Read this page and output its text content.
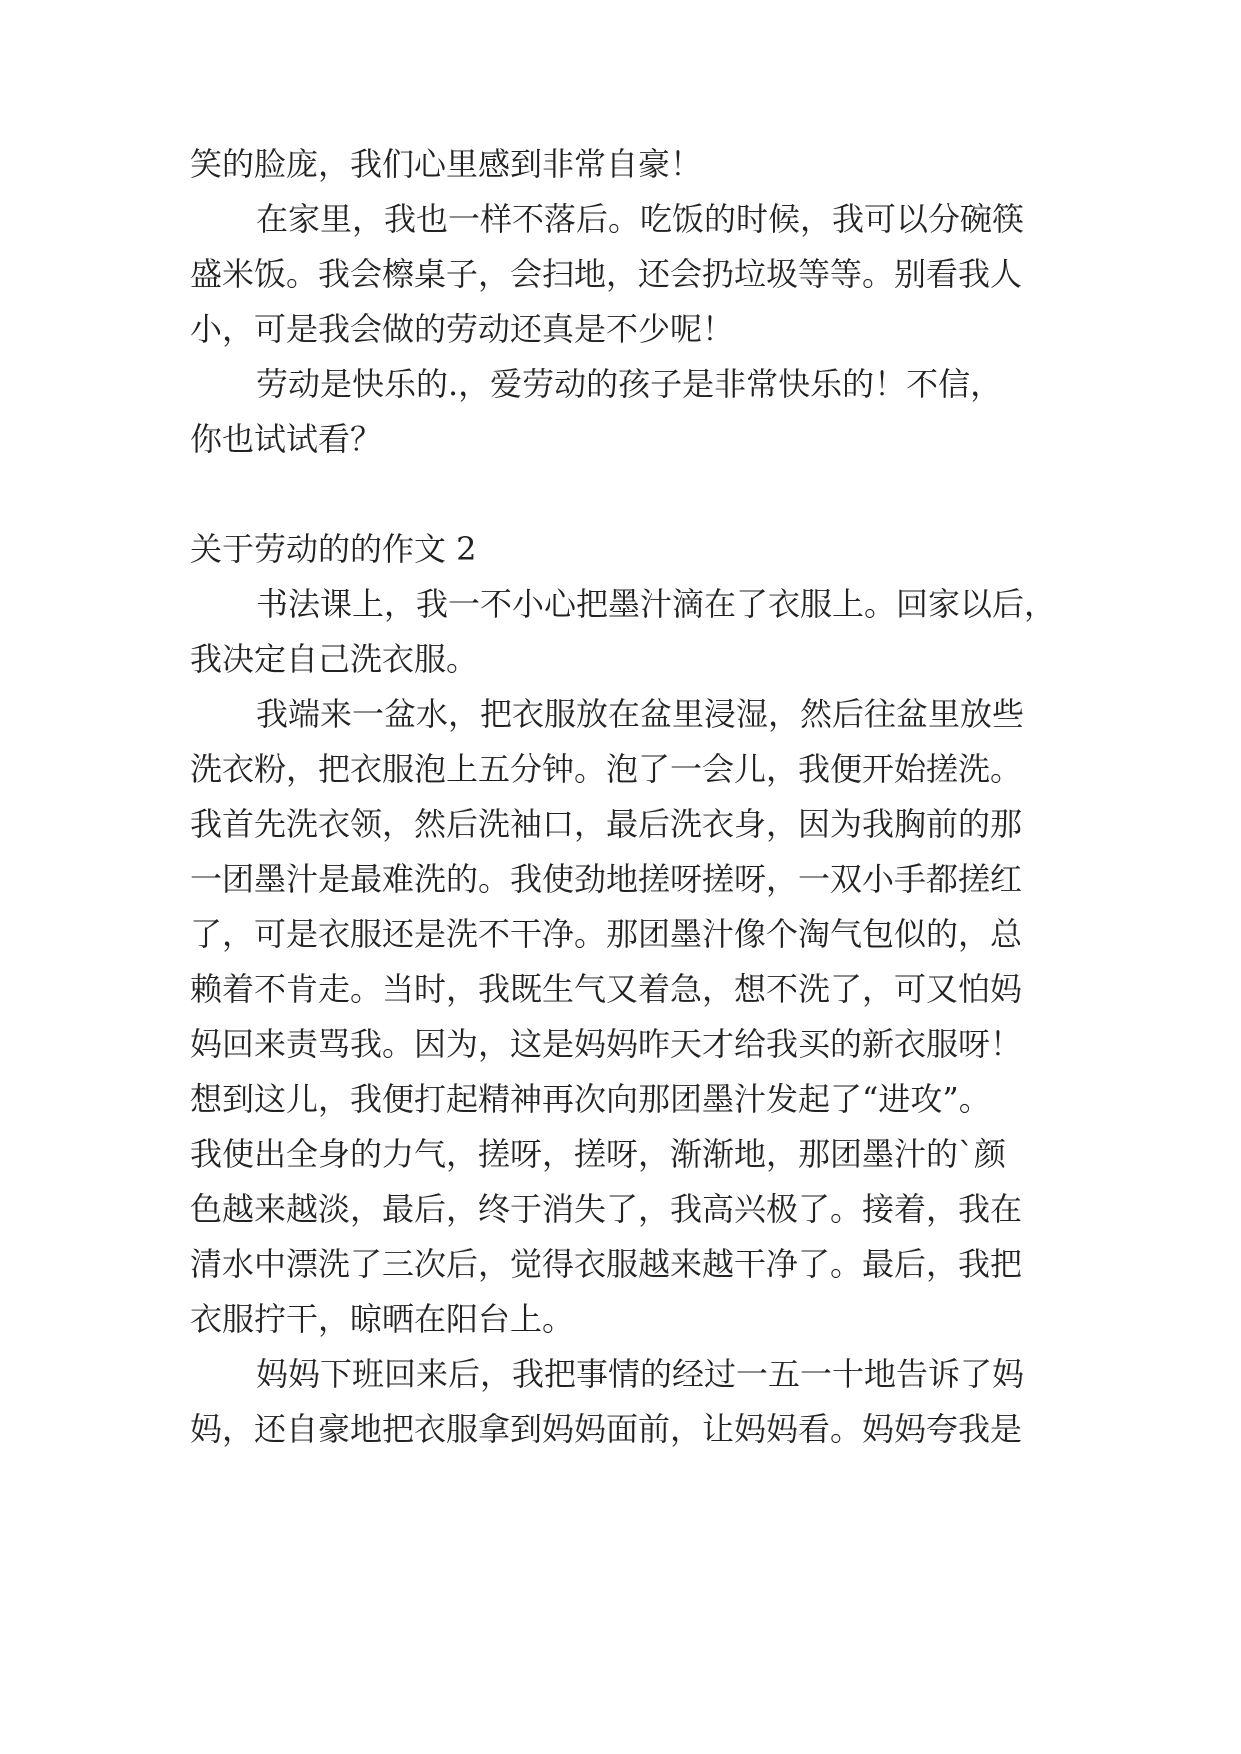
笑的脸庞，我们心里感到非常自豪！
在家里，我也一样不落后。吃饭的时候，我可以分碗筷
盛米饭。我会檫桌子，会扫地，还会扔垃圾等等。别看我人
小，可是我会做的劳动还真是不少呢！
劳动是快乐的.，爱劳动的孩子是非常快乐的！不信，
你也试试看？
关于劳动的的作文 2
书法课上，我一不小心把墨汁滴在了衣服上。回家以后，
我决定自己洗衣服。
我端来一盆水，把衣服放在盆里浸湿，然后往盆里放些
洗衣粉，把衣服泡上五分钟。泡了一会儿，我便开始搓洗。
我首先洗衣领，然后洗袖口，最后洗衣身，因为我胸前的那
一团墨汁是最难洗的。我使劲地搓呀搓呀，一双小手都搓红
了，可是衣服还是洗不干净。那团墨汁像个淘气包似的，总
赖着不肯走。当时，我既生气又着急，想不洗了，可又怕妈
妈回来责骂我。因为，这是妈妈昨天才给我买的新衣服呀！
想到这儿，我便打起精神再次向那团墨汁发起了“进攻”。
我使出全身的力气，搓呀，搓呀，渐渐地，那团墨汁的`颜
色越来越淡，最后，终于消失了，我高兴极了。接着，我在
清水中漂洗了三次后，觉得衣服越来越干净了。最后，我把
衣服拧干，晾晒在阳台上。
妈妈下班回来后，我把事情的经过一五一十地告诉了妈
妈，还自豪地把衣服拿到妈妈面前，让妈妈看。妈妈夸我是
